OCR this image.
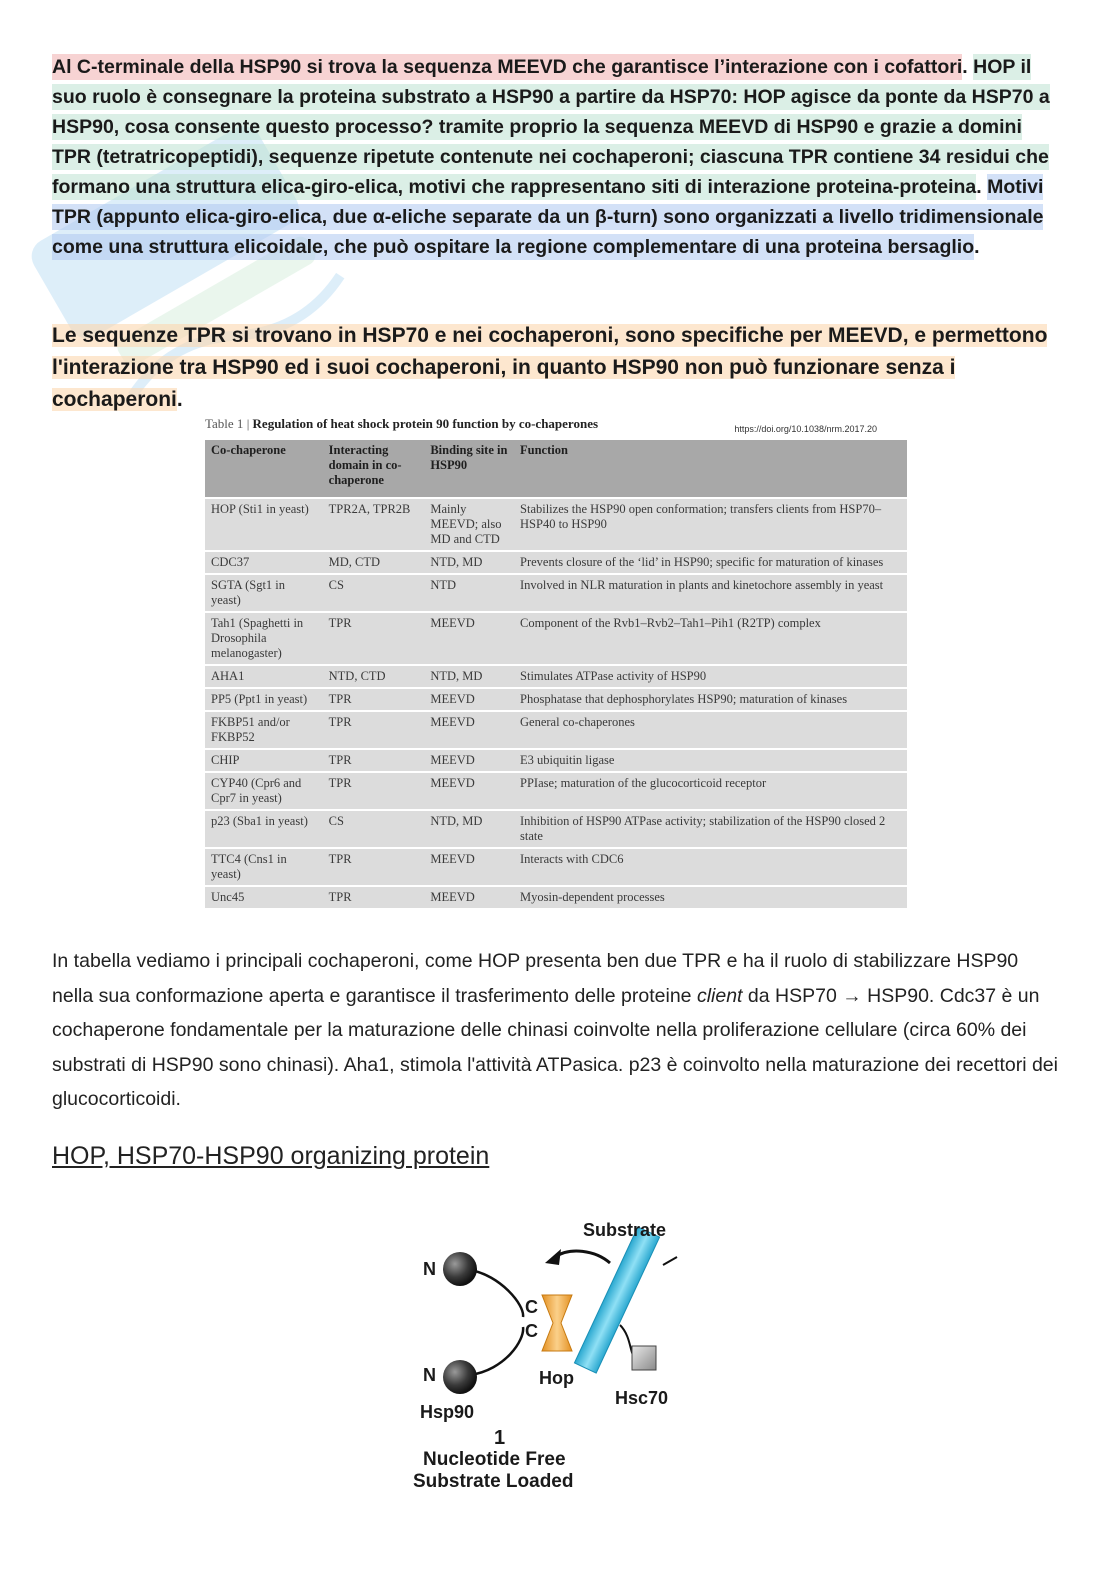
Al C-terminale della HSP90 si trova la sequenza MEEVD che garantisce l’interazione con i cofattori. HOP il suo ruolo è consegnare la proteina substrato a HSP90 a partire da HSP70: HOP agisce da ponte da HSP70 a HSP90, cosa consente questo processo? tramite proprio la sequenza MEEVD di HSP90 e grazie a domini TPR (tetratricopeptidi), sequenze ripetute contenute nei cochaperoni; ciascuna TPR contiene 34 residui che formano una struttura elica-giro-elica, motivi che rappresentano siti di interazione proteina-proteina. Motivi TPR (appunto elica-giro-elica, due α-eliche separate da un β-turn) sono organizzati a livello tridimensionale come una struttura elicoidale, che può ospitare la regione complementare di una proteina bersaglio.
Le sequenze TPR si trovano in HSP70 e nei cochaperoni, sono specifiche per MEEVD, e permettono l'interazione tra HSP90 ed i suoi cochaperoni, in quanto HSP90 non può funzionare senza i cochaperoni.
Table 1 | Regulation of heat shock protein 90 function by co-chaperones	https://doi.org/10.1038/nrm.2017.20
Co-chaperone	Interacting domain in co-chaperone	Binding site in HSP90	Function
HOP (Sti1 in yeast)	TPR2A, TPR2B	Mainly MEEVD; also MD and CTD	Stabilizes the HSP90 open conformation; transfers clients from HSP70–HSP40 to HSP90
CDC37	MD, CTD	NTD, MD	Prevents closure of the ‘lid’ in HSP90; specific for maturation of kinases
SGTA (Sgt1 in yeast)	CS	NTD	Involved in NLR maturation in plants and kinetochore assembly in yeast
Tah1 (Spaghetti in Drosophila melanogaster)	TPR	MEEVD	Component of the Rvb1–Rvb2–Tah1–Pih1 (R2TP) complex
AHA1	NTD, CTD	NTD, MD	Stimulates ATPase activity of HSP90
PP5 (Ppt1 in yeast)	TPR	MEEVD	Phosphatase that dephosphorylates HSP90; maturation of kinases
FKBP51 and/or FKBP52	TPR	MEEVD	General co-chaperones
CHIP	TPR	MEEVD	E3 ubiquitin ligase
CYP40 (Cpr6 and Cpr7 in yeast)	TPR	MEEVD	PPIase; maturation of the glucocorticoid receptor
p23 (Sba1 in yeast)	CS	NTD, MD	Inhibition of HSP90 ATPase activity; stabilization of the HSP90 closed 2 state
TTC4 (Cns1 in yeast)	TPR	MEEVD	Interacts with CDC6
Unc45	TPR	MEEVD	Myosin-dependent processes
In tabella vediamo i principali cochaperoni, come HOP presenta ben due TPR e ha il ruolo di stabilizzare HSP90 nella sua conformazione aperta e garantisce il trasferimento delle proteine client da HSP70 → HSP90. Cdc37 è un cochaperone fondamentale per la maturazione delle chinasi coinvolte nella proliferazione cellulare (circa 60% dei substrati di HSP90 sono chinasi). Aha1, stimola l'attività ATPasica. p23 è coinvolto nella maturazione dei recettori dei glucocorticoidi.
HOP, HSP70-HSP90 organizing protein
Substrate
N
N
C
C
Hop
Hsc70
Hsp90
1
Nucleotide Free
Substrate Loaded
